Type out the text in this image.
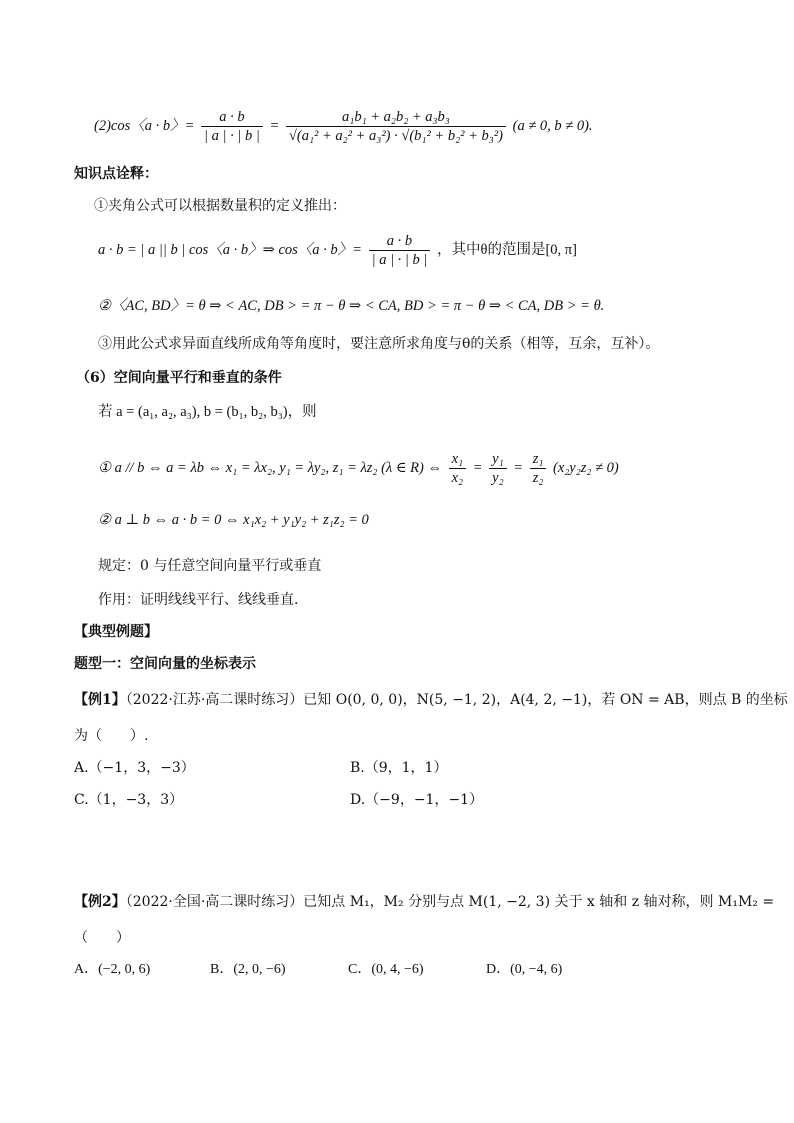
(2)cos〈a · b〉= $\frac{a \cdot b}{| a | \cdot | b |} = \frac{\text{a₁b₁ + a₂b₂ + a₃b₃}}{\text{√(a₁² + a₂² + a₃²) · √(b₁² + b₂² + b₃²)}} (a \ne 0$, b ≠ 0).
知识点诠释：
①夹角公式可以根据数量积的定义推出：
a · b = | a || b | cos〈a · b〉⇒ cos〈a · b〉= $\frac{a \cdot b}{| a | \cdot | b |}$ ，其中θ的范围是[0, π]
②〈AC, BD〉= θ ⇒ < AC, DB > = π − θ ⇒ < CA, BD > = π − θ ⇒ < CA, DB > = θ.
③用此公式求异面直线所成角等角度时，要注意所求角度与θ的关系（相等，互余，互补）。
（6）空间向量平行和垂直的条件
若 a = (a₁, a₂, a₃), b = (b₁, b₂, b₃)，则
① a // b ⇔ a = λb ⇔ x₁ = λx₂, y₁ = λy₂, z₁ = λz₂ (λ ∈ R) ⇔ $\frac{\text{x₁}}{\text{x₂}} = \frac{\text{y₁}}{\text{y₂}} = \frac{\text{z₁}}{\text{z₂}} (x_2y_2z_2 \ne 0)$
② a ⊥ b ⇔ a · b = 0 ⇔ x₁x₂ + y₁y₂ + z₁z₂ = 0
规定：0 与任意空间向量平行或垂直
作用：证明线线平行、线线垂直.
【典型例题】
题型一：空间向量的坐标表示
【例1】（2022·江苏·高二课时练习）已知 O(0, 0, 0)，N(5, −1, 2)，A(4, 2, −1)，若 ON = AB，则点 B 的坐标
为（　　）.
A.（−1，3，−3）	B.（9，1，1）
C.（1，−3，3）	D.（−9，−1，−1）
【例2】（2022·全国·高二课时练习）已知点 M₁，M₂ 分别与点 M(1, −2, 3) 关于 x 轴和 z 轴对称，则 M₁M₂ =
（　　）
A．(−2, 0, 6)	B．(2, 0, −6)	C．(0, 4, −6)	D．(0, −4, 6)
